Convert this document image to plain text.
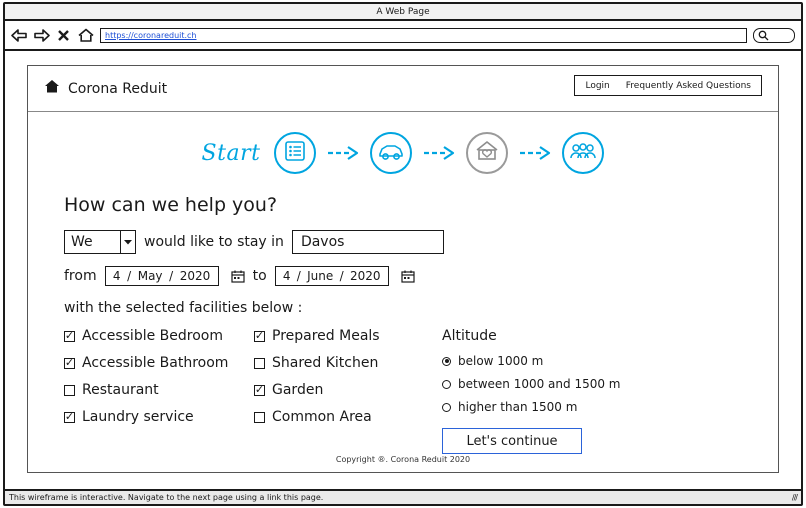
A Web Page
https://coronareduit.ch
Corona Reduit	Login Frequently Asked Questions
Start
How can we help you?
We	would like to stay in Davos
from 4 / May / 2020	to 4 / June / 2020
with the selected facilities below :
✓
Accessible Bedroom
✓
Accessible Bathroom
Restaurant
✓
Laundry service
✓
Prepared Meals
Shared Kitchen
✓
Garden
Common Area
Altitude
below 1000 m
between 1000 and 1500 m
higher than 1500 m
Let's continue
Copyright ®. Corona Reduit 2020
This wireframe is interactive. Navigate to the next page using a link this page.	///
